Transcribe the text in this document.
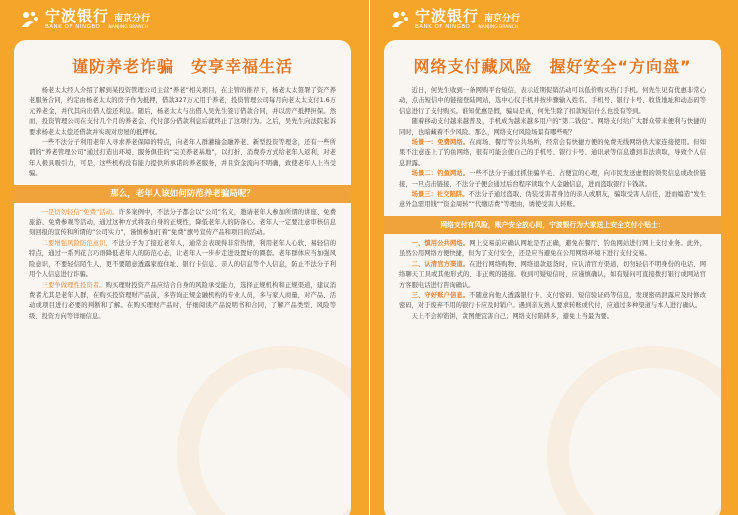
宁波银行 南京分行
BANK OF NINGBO NANJING BRANCH
谨防养老诈骗　安享幸福生活

杨老太太经人介绍了解到某投资管理公司主营“养老”相关项目，在主管的推荐下，杨老太太签署了资产养老服务合同，约定由杨老太太的房子作为抵押，借款327万元用于养老，投资管理公司每月向老太太支付1.6万元养老金，并代其向出借人偿还利息。随后，杨老太太与出借人吴先生签订借款合同，并以房产抵押担保。然而，投资管理公司在支付几个月的养老金、代付部分借款利息后就终止了这项行为。之后，吴先生向法院起诉要求杨老太太偿还借款并实现对房屋的抵押权。

一些不法分子利用老年人寻求养老保障的特点，向老年人群灌输金融养老、新型投资等理念，还有一些所谓的“养老管理公司”通过打造出环境、服务俱佳的“完美养老基地”，以打折、消费券方式给老年人返利，对老年人极具吸引力，可是，这些机构没有能力提供所承诺的养老服务，并且资金流向不明确，致使老年人上当受骗。

那么，老年人该如何防范养老骗局呢？

一是切勿轻信“免费”活动。许多案例中，不法分子都会以“公司”名义，邀请老年人参加所谓的讲座、免费旅游、免费参观等活动，通过这种方式将我自身的正规性，降低老年人的防备心。老年人一定要注意审核信息刻回报的宣传和所谓的“公司实力”，谨慎参加打着“免费”旗号宣传产品和项目的活动。

二要增强风险防范意识，不法分子为了接近老年人，通常会表现得非常热情，利用老年人心软、易轻信的特点，通过一系列花言巧语降低老年人的防范心态，让老年人一步步走进设置好的圈套。老年群体应当加强风险意识，不要轻信陌生人，更不要随意透露家庭住址、银行卡信息、亲人的信息等个人信息，防止不法分子利用个人信息进行诈骗。

三要争做理性投资者。购买理财投资产品应结合自身的风险承受能力，选择正规机构和正规渠道，建议消费者尤其是老年人群，在购买投资理财产品前，多咨询正规金融机构的专业人员，多与家人商量，对产品、活动或项目进行必要的判断和了解。在购买理财产品时，仔细阅读产品说明书和合同，了解产品类型、风险等级、投资方向等详细信息。

宁波银行 南京分行
BANK OF NINGBO NANJING BRANCH
网络支付藏风险　握好安全“方向盘”

近日，何先生收到一条网购平台短信，表示近期促销活动可以低价购买热门手机。何先生见有优惠非常心动，点击短信中的链接登陆网站，选中心仪手机并按步骤输入姓名、手机号、银行卡号、收货地址和动态码等信息进行了支付购买。谁知优惠是假，骗局是真，何先生除了扣款短信什么也没有等到。

随着移动支付越来越普及，手机成为越来越多用户的“第二钱包”。网络支付给广大群众带来便利与快捷的同时，也暗藏着不少风险。那么，网络支付风险场景有哪些呢？

场景一：免费网络。在商场、餐厅等公共场所，经常会有快捷方便的免费无线网络供大家连接使用。但如果不注意连上了钓鱼网络，很有可能会使自己的手机号、银行卡号、通讯录等信息遭到非法读取，导致个人信息泄露。

场景二：钓鱼网站。一些不法分子通过抓住骗羊毛、占便宜的心理，向市民发送虚假的领奖信息或改价链接，一旦点击链接，不法分子便会通过后台程序读取个人金融信息，进而盗取银行卡钱款。

场景三：社交陷阱。不法分子通过盗取、伪装受害者身边的亲人或朋友，骗取受害人信任，进而编造“发生意外急需用钱”“资金周转”“代缴话费”等理由，诱使受害人转账。

网络支付有风险，账户安全放心间，宁波银行为大家送上安全支付小贴士：

一、慎用公共网络。网上交易前应确认网址是否正确，避免在餐厅、钓鱼网站进行网上支付业务。此外，虽然公用网络方便快捷，但为了支付安全，还是应当避免在公用网络环境下进行支付交易。

二、认清官方渠道。在进行网络购物、网络退款退货时，应认清官方渠道，切勿轻信不明身份的电话、网络聊天工具或其他形式的、非正规的链接。收到可疑短信时，应谨慎确认，如有疑问可直接拨打银行或网站官方客服电话进行咨询确认。

三、守好账户信息。不随意向他人透露银行卡、支付密码、短信验证码等信息，发现密码泄露应及时修改密码，对于废弃不用的银行卡应及时销户。遇到亲友熟人要求转账或代付，应通过多种渠道与本人进行确认。

天上不会掉馅饼，贪图便宜害自己；网络支付陷阱多，避免上当最为要。
